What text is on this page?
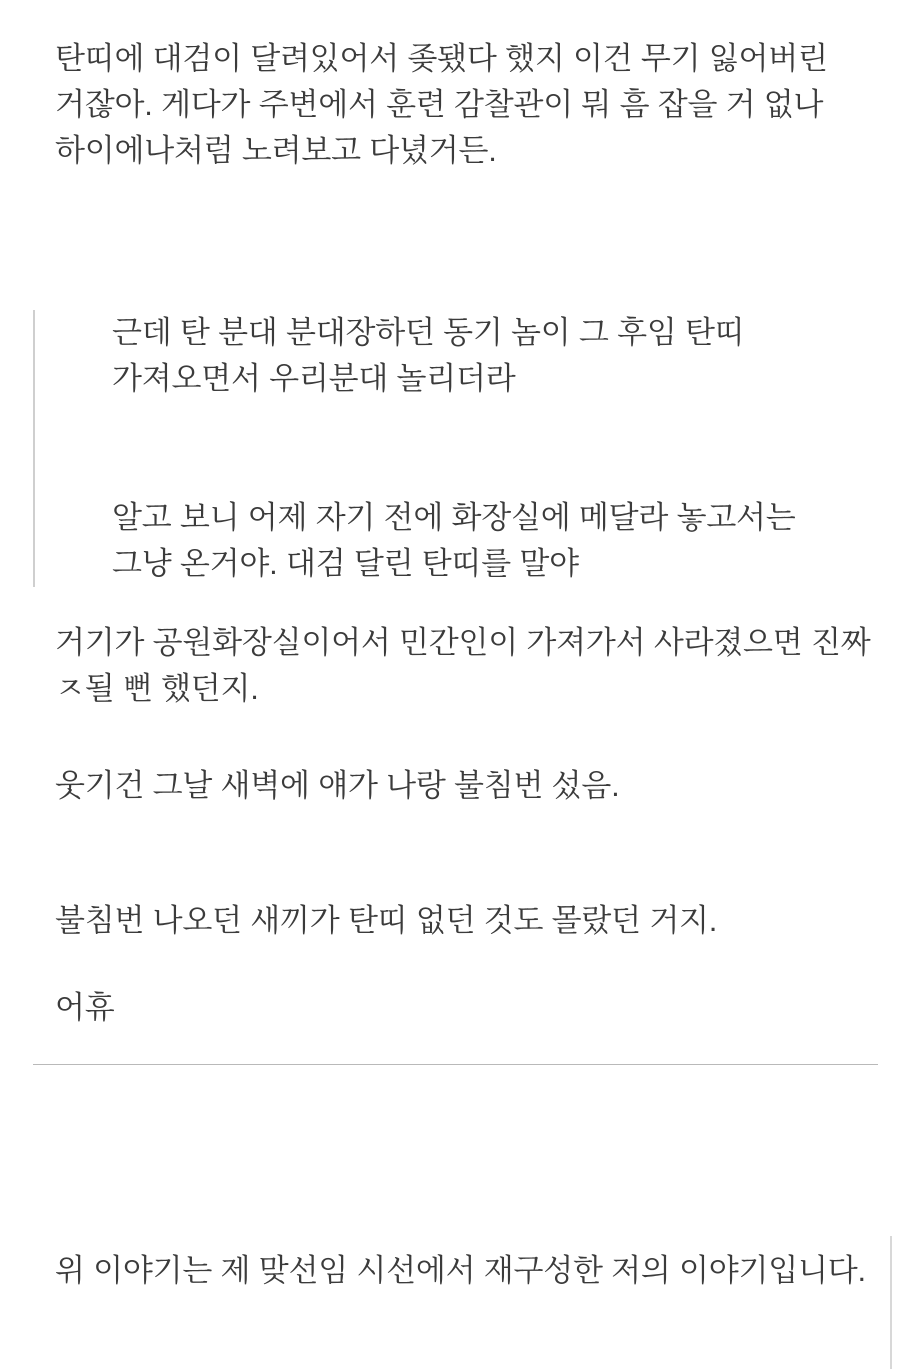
탄띠에 대검이 달려있어서 좆됐다 했지 이건 무기 잃어버린 거잖아. 게다가 주변에서 훈련 감찰관이 뭐 흠 잡을 거 없나 하이에나처럼 노려보고 다녔거든.
근데 탄 분대 분대장하던 동기 놈이 그 후임 탄띠 가져오면서 우리분대 놀리더라
알고 보니 어제 자기 전에 화장실에 메달라 놓고서는 그냥 온거야. 대검 달린 탄띠를 말야
거기가 공원화장실이어서 민간인이 가져가서 사라졌으면 진짜 ㅈ될 뻔 했던지.
웃기건 그날 새벽에 얘가 나랑 불침번 섰음.
불침번 나오던 새끼가 탄띠 없던 것도 몰랐던 거지.
어휴
위 이야기는 제 맞선임 시선에서 재구성한 저의 이야기입니다.
